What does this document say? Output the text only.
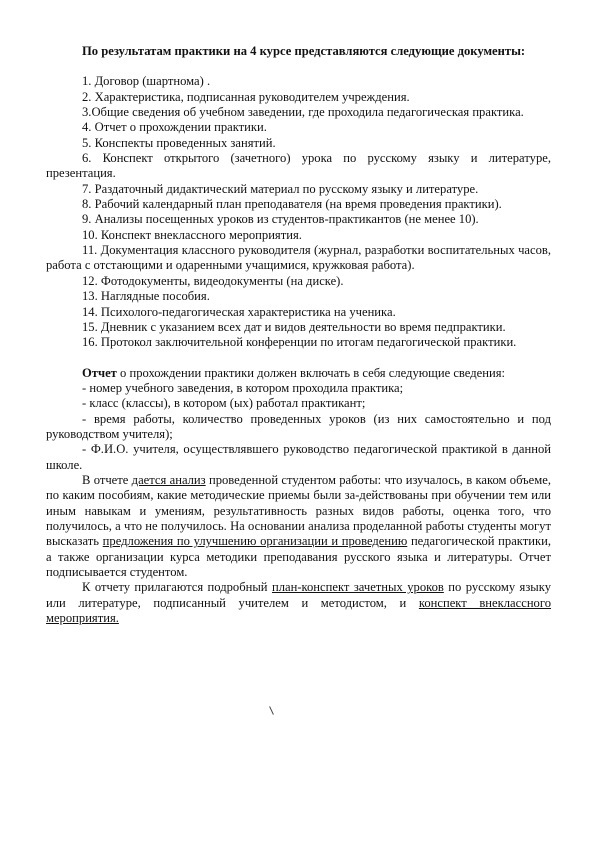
По результатам практики на 4 курсе представляются следующие документы:

1. Договор (шартнома) .

2. Характеристика, подписанная руководителем учреждения.

3.Общие сведения об учебном заведении, где проходила педагогическая практика.

4. Отчет о прохождении практики.

5. Конспекты проведенных занятий.

6. Конспект открытого (зачетного) урока по русскому языку и литературе, презентация.

7. Раздаточный дидактический материал по русскому языку и литературе.

8. Рабочий календарный план преподавателя (на время проведения практики).

9. Анализы посещенных уроков из студентов-практикантов (не менее 10).

10. Конспект внеклассного мероприятия.

11. Документация классного руководителя (журнал, разработки воспитательных часов, работа с отстающими и одаренными учащимися, кружковая работа).

12. Фотодокументы, видеодокументы (на диске).

13. Наглядные пособия.

14. Психолого-педагогическая характеристика на ученика.

15. Дневник с указанием всех дат и видов деятельности во время педпрактики.

16. Протокол заключительной конференции по итогам педагогической практики.

Отчет о прохождении практики должен включать в себя следующие сведения:

- номер учебного заведения, в котором проходила практика;

- класс (классы), в котором (ых) работал практикант;

- время работы, количество проведенных уроков (из них самостоятельно и под руководством учителя);

- Ф.И.О. учителя, осуществлявшего руководство педагогической практикой в данной школе.

В отчете дается анализ проведенной студентом работы: что изучалось, в каком объеме, по каким пособиям, какие методические приемы были за-действованы при обучении тем или иным навыкам и умениям, результативность разных видов работы, оценка того, что получилось, а что не получилось. На основании анализа проделанной работы студенты могут высказать предложения по улучшению организации и проведению педагогической практики, а также организации курса методики преподавания русского языка и литературы. Отчет подписывается студентом.

К отчету прилагаются подробный план-конспект зачетных уроков по русскому языку или литературе, подписанный учителем и методистом, и конспект внеклассного мероприятия.
